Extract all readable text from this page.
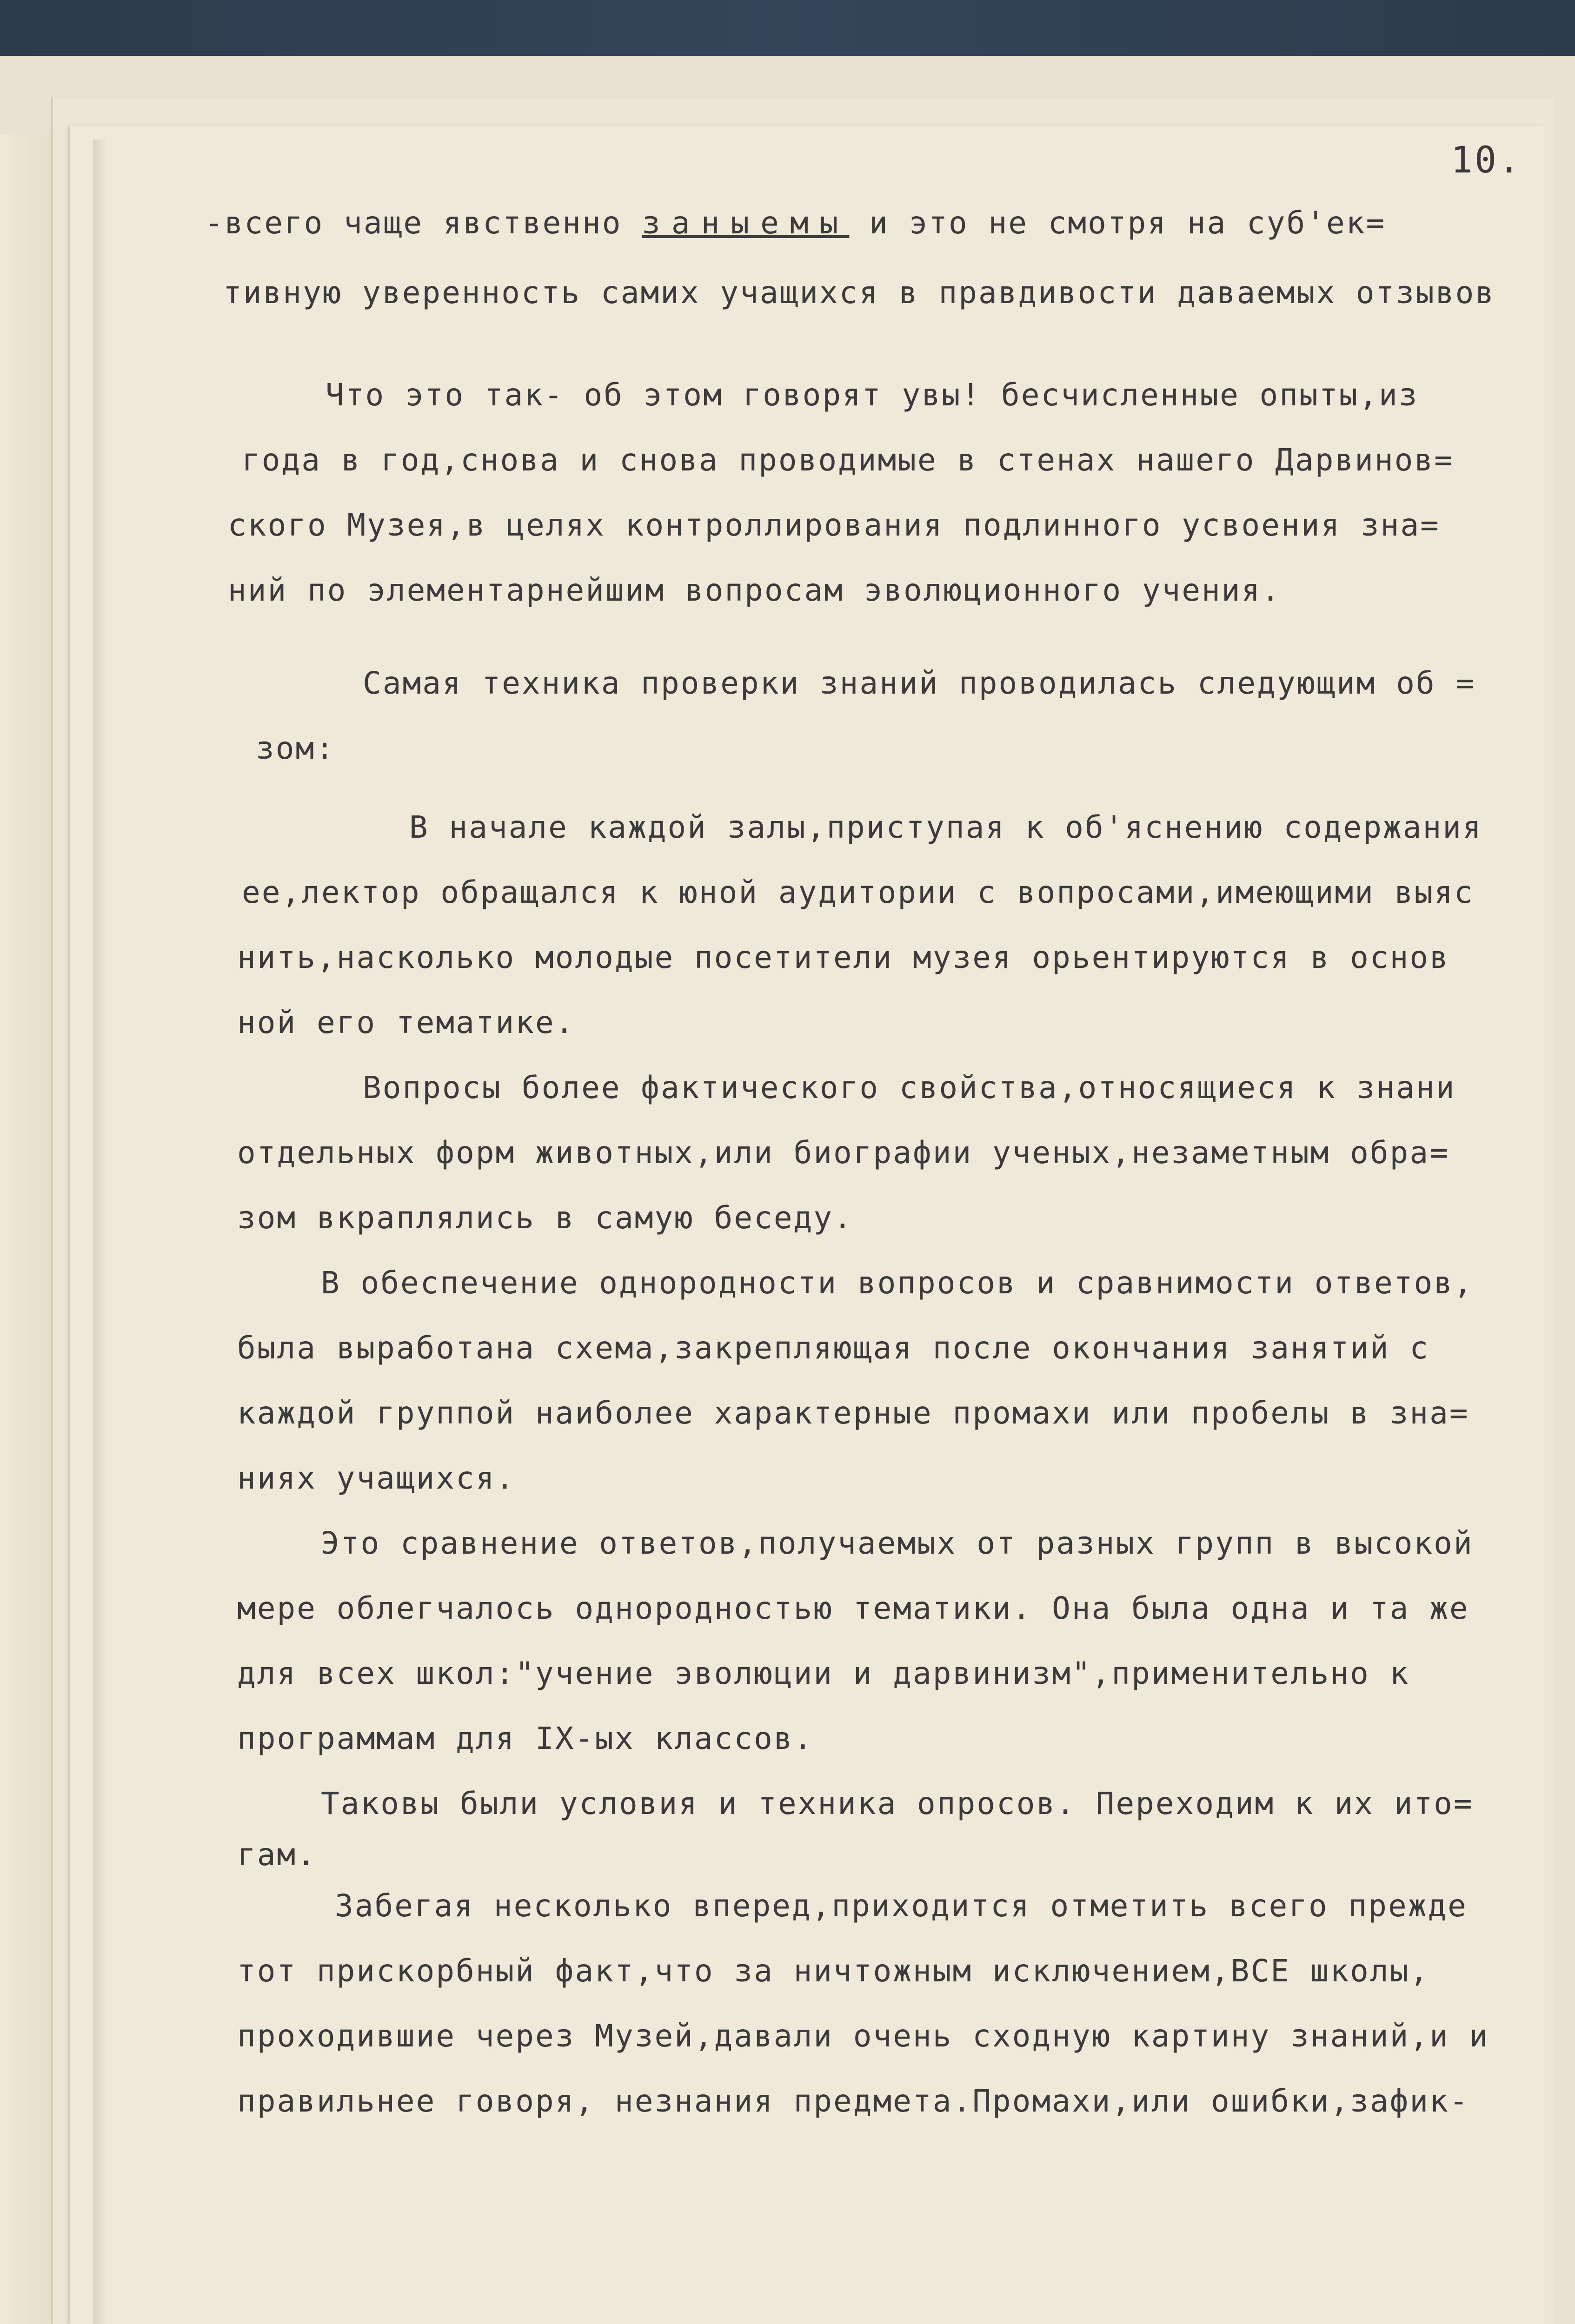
10.
-всего чаще явственно заныемы и это не смотря на суб'ек=
тивную уверенность самих учащихся в правдивости даваемых отзывов
Что это так- об этом говорят увы! бесчисленные опыты,из
года в год,снова и снова проводимые в стенах нашего Дарвинов=
ского Музея,в целях контроллирования подлинного усвоения зна=
ний по элементарнейшим вопросам эволюционного учения.
Самая техника проверки знаний проводилась следующим об =
зом:
В начале каждой залы,приступая к об'яснению содержания
ее,лектор обращался к юной аудитории с вопросами,имеющими выяс
нить,насколько молодые посетители музея орьентируются в основ
ной его тематике.
Вопросы более фактического свойства,относящиеся к знани
отдельных форм животных,или биографии ученых,незаметным обра=
зом вкраплялись в самую беседу.
В обеспечение однородности вопросов и сравнимости ответов,
была выработана схема,закрепляющая после окончания занятий с
каждой группой наиболее характерные промахи или пробелы в зна=
ниях учащихся.
Это сравнение ответов,получаемых от разных групп в высокой
мере облегчалось однородностью тематики. Она была одна и та же
для всех школ:"учение эволюции и дарвинизм",применительно к
программам для IX-ых классов.
Таковы были условия и техника опросов. Переходим к их ито=
гам.
Забегая несколько вперед,приходится отметить всего прежде
тот прискорбный факт,что за ничтожным исключением,ВСЕ школы,
проходившие через Музей,давали очень сходную картину знаний,и и
правильнее говоря, незнания предмета.Промахи,или ошибки,зафик-
